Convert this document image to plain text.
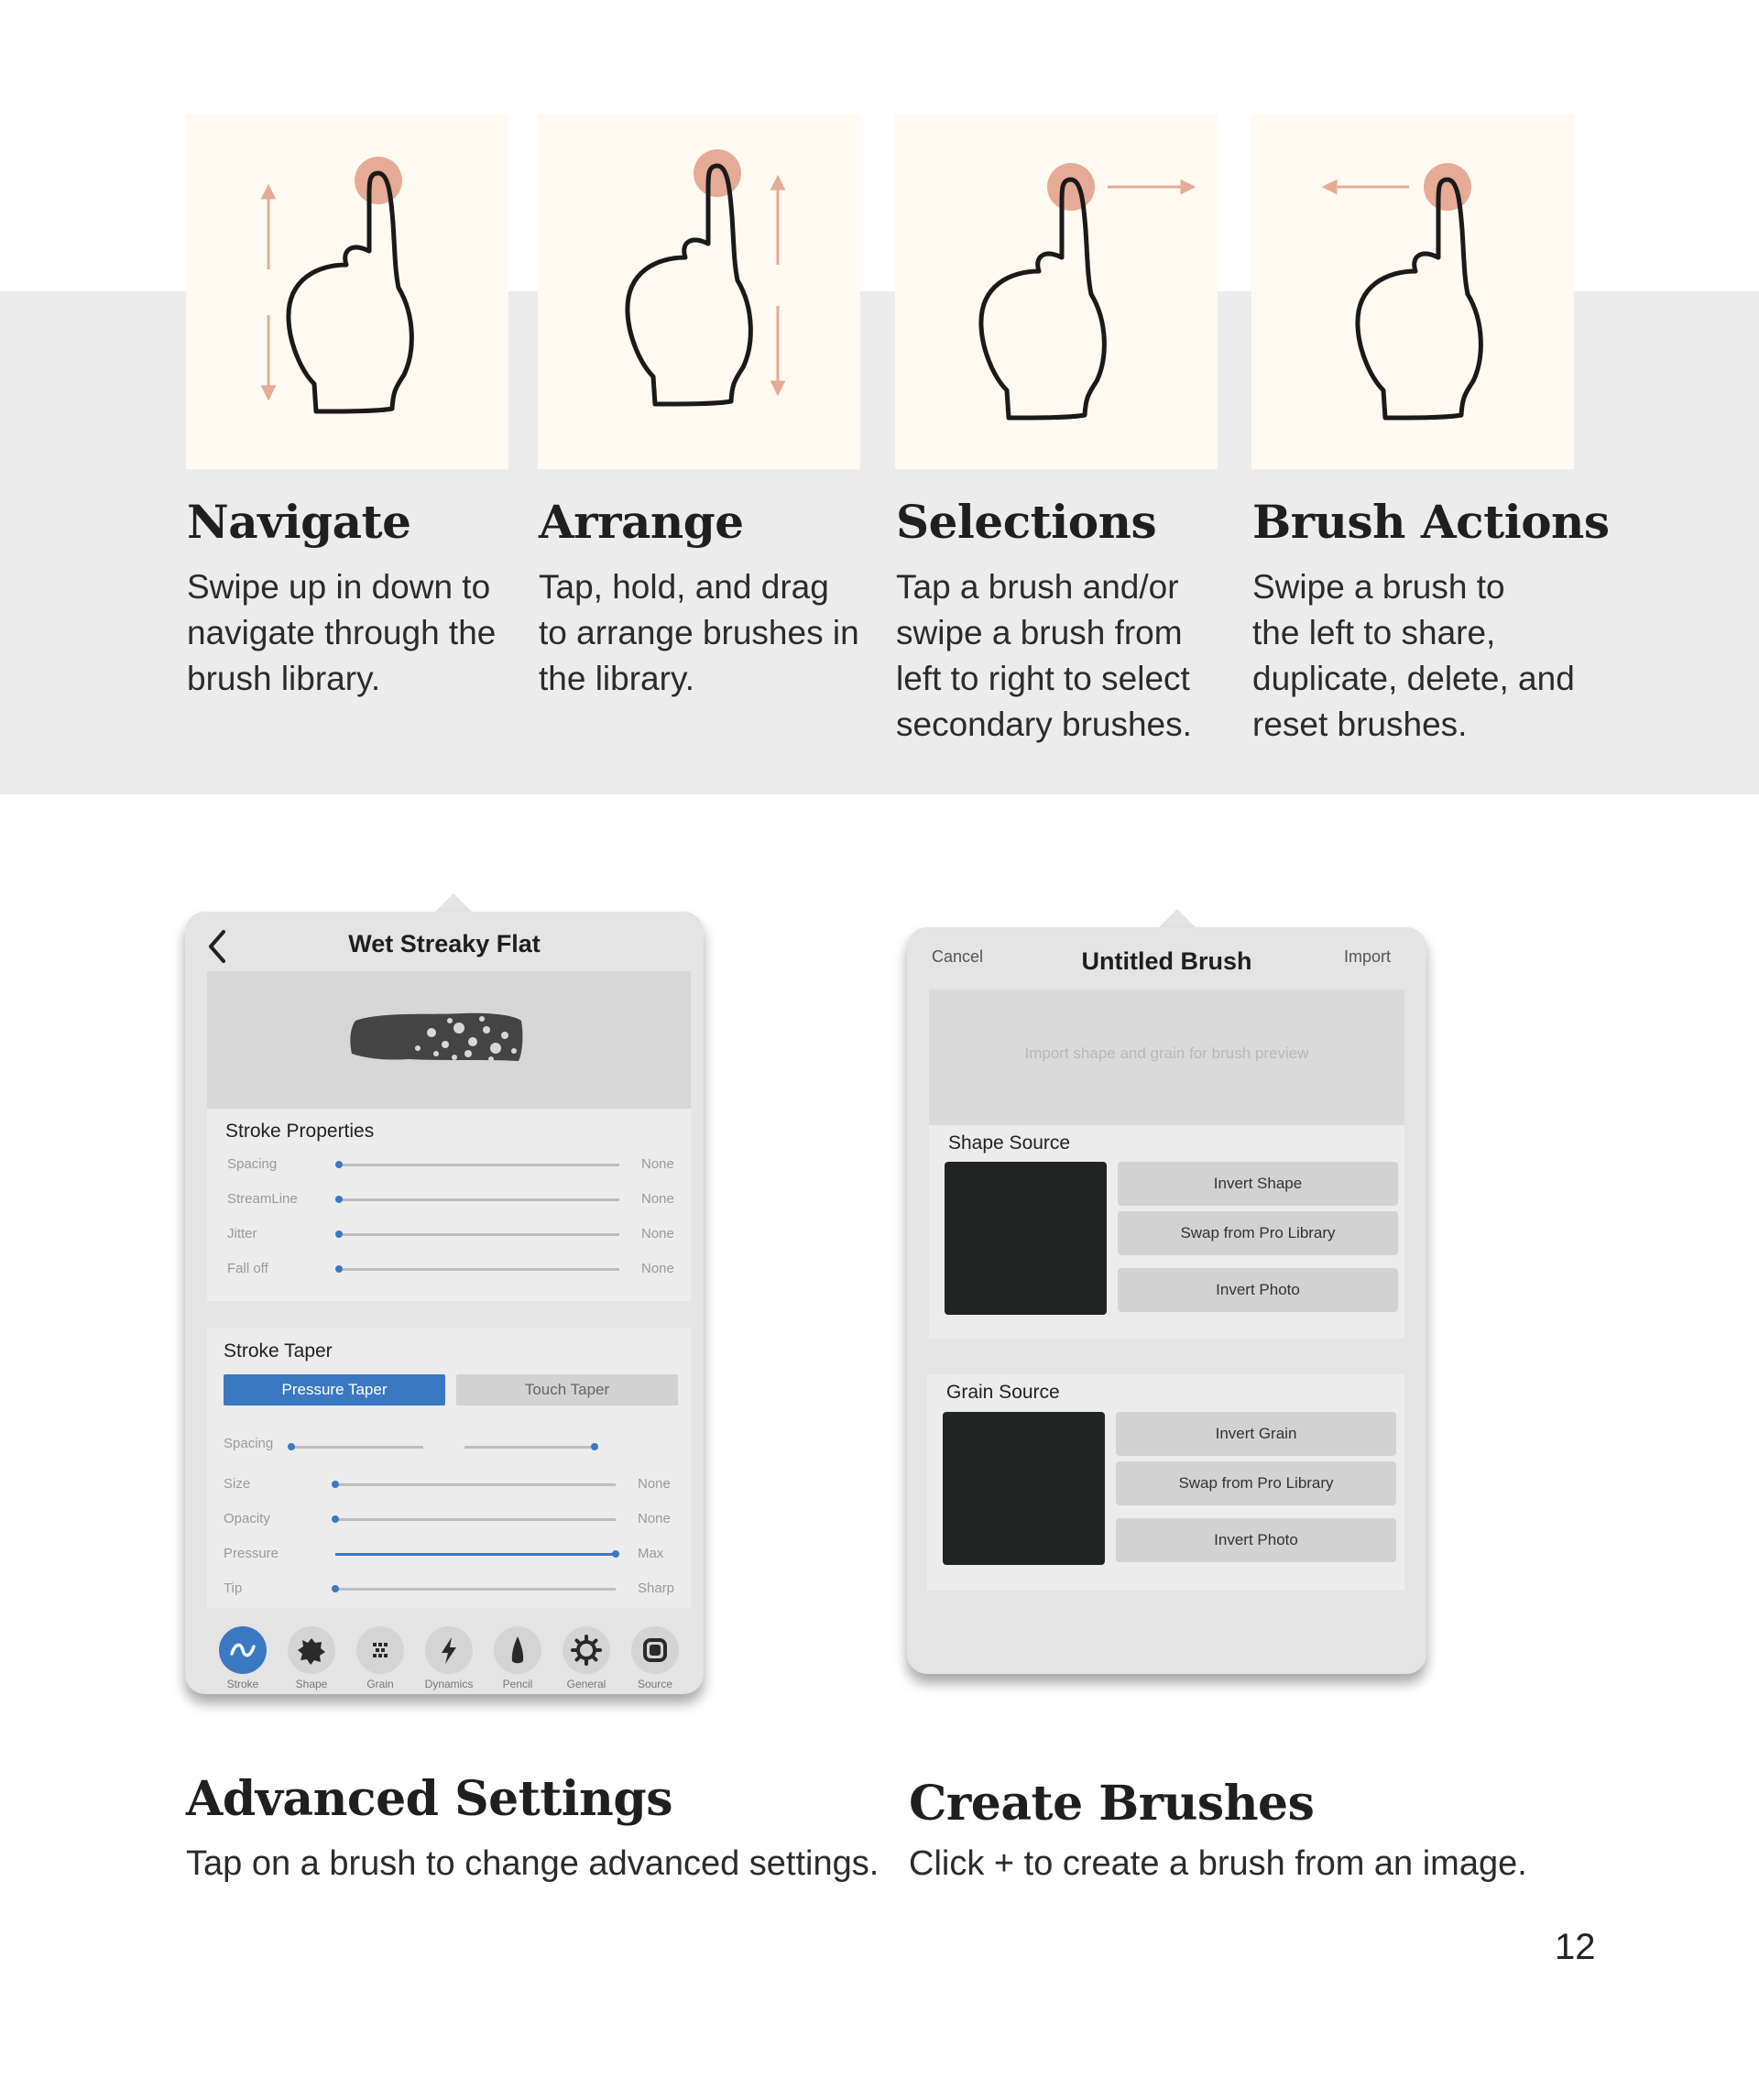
Navigate
Swipe up in down to
navigate through the
brush library.
Arrange
Tap, hold, and drag
to arrange brushes in
the library.
Selections
Tap a brush and/or
swipe a brush from
left to right to select
secondary brushes.
Brush Actions
Swipe a brush to
the left to share,
duplicate, delete, and
reset brushes.
Wet Streaky Flat
Stroke Properties
Spacing	None
StreamLine	None
Jitter	None
Fall off	None
Stroke Taper
Pressure Taper	Touch Taper
Spacing
Size	None
Opacity	None
Pressure	Max
Tip	Sharp
Stroke	Shape	Grain	Dynamics	Pencil	General	Source
Cancel	Untitled Brush	Import
Import shape and grain for brush preview
Shape Source
Invert Shape
Swap from Pro Library
Invert Photo
Grain Source
Invert Grain
Swap from Pro Library
Invert Photo
Advanced Settings

Tap on a brush to change advanced settings.

Create Brushes

Click + to create a brush from an image.

12
